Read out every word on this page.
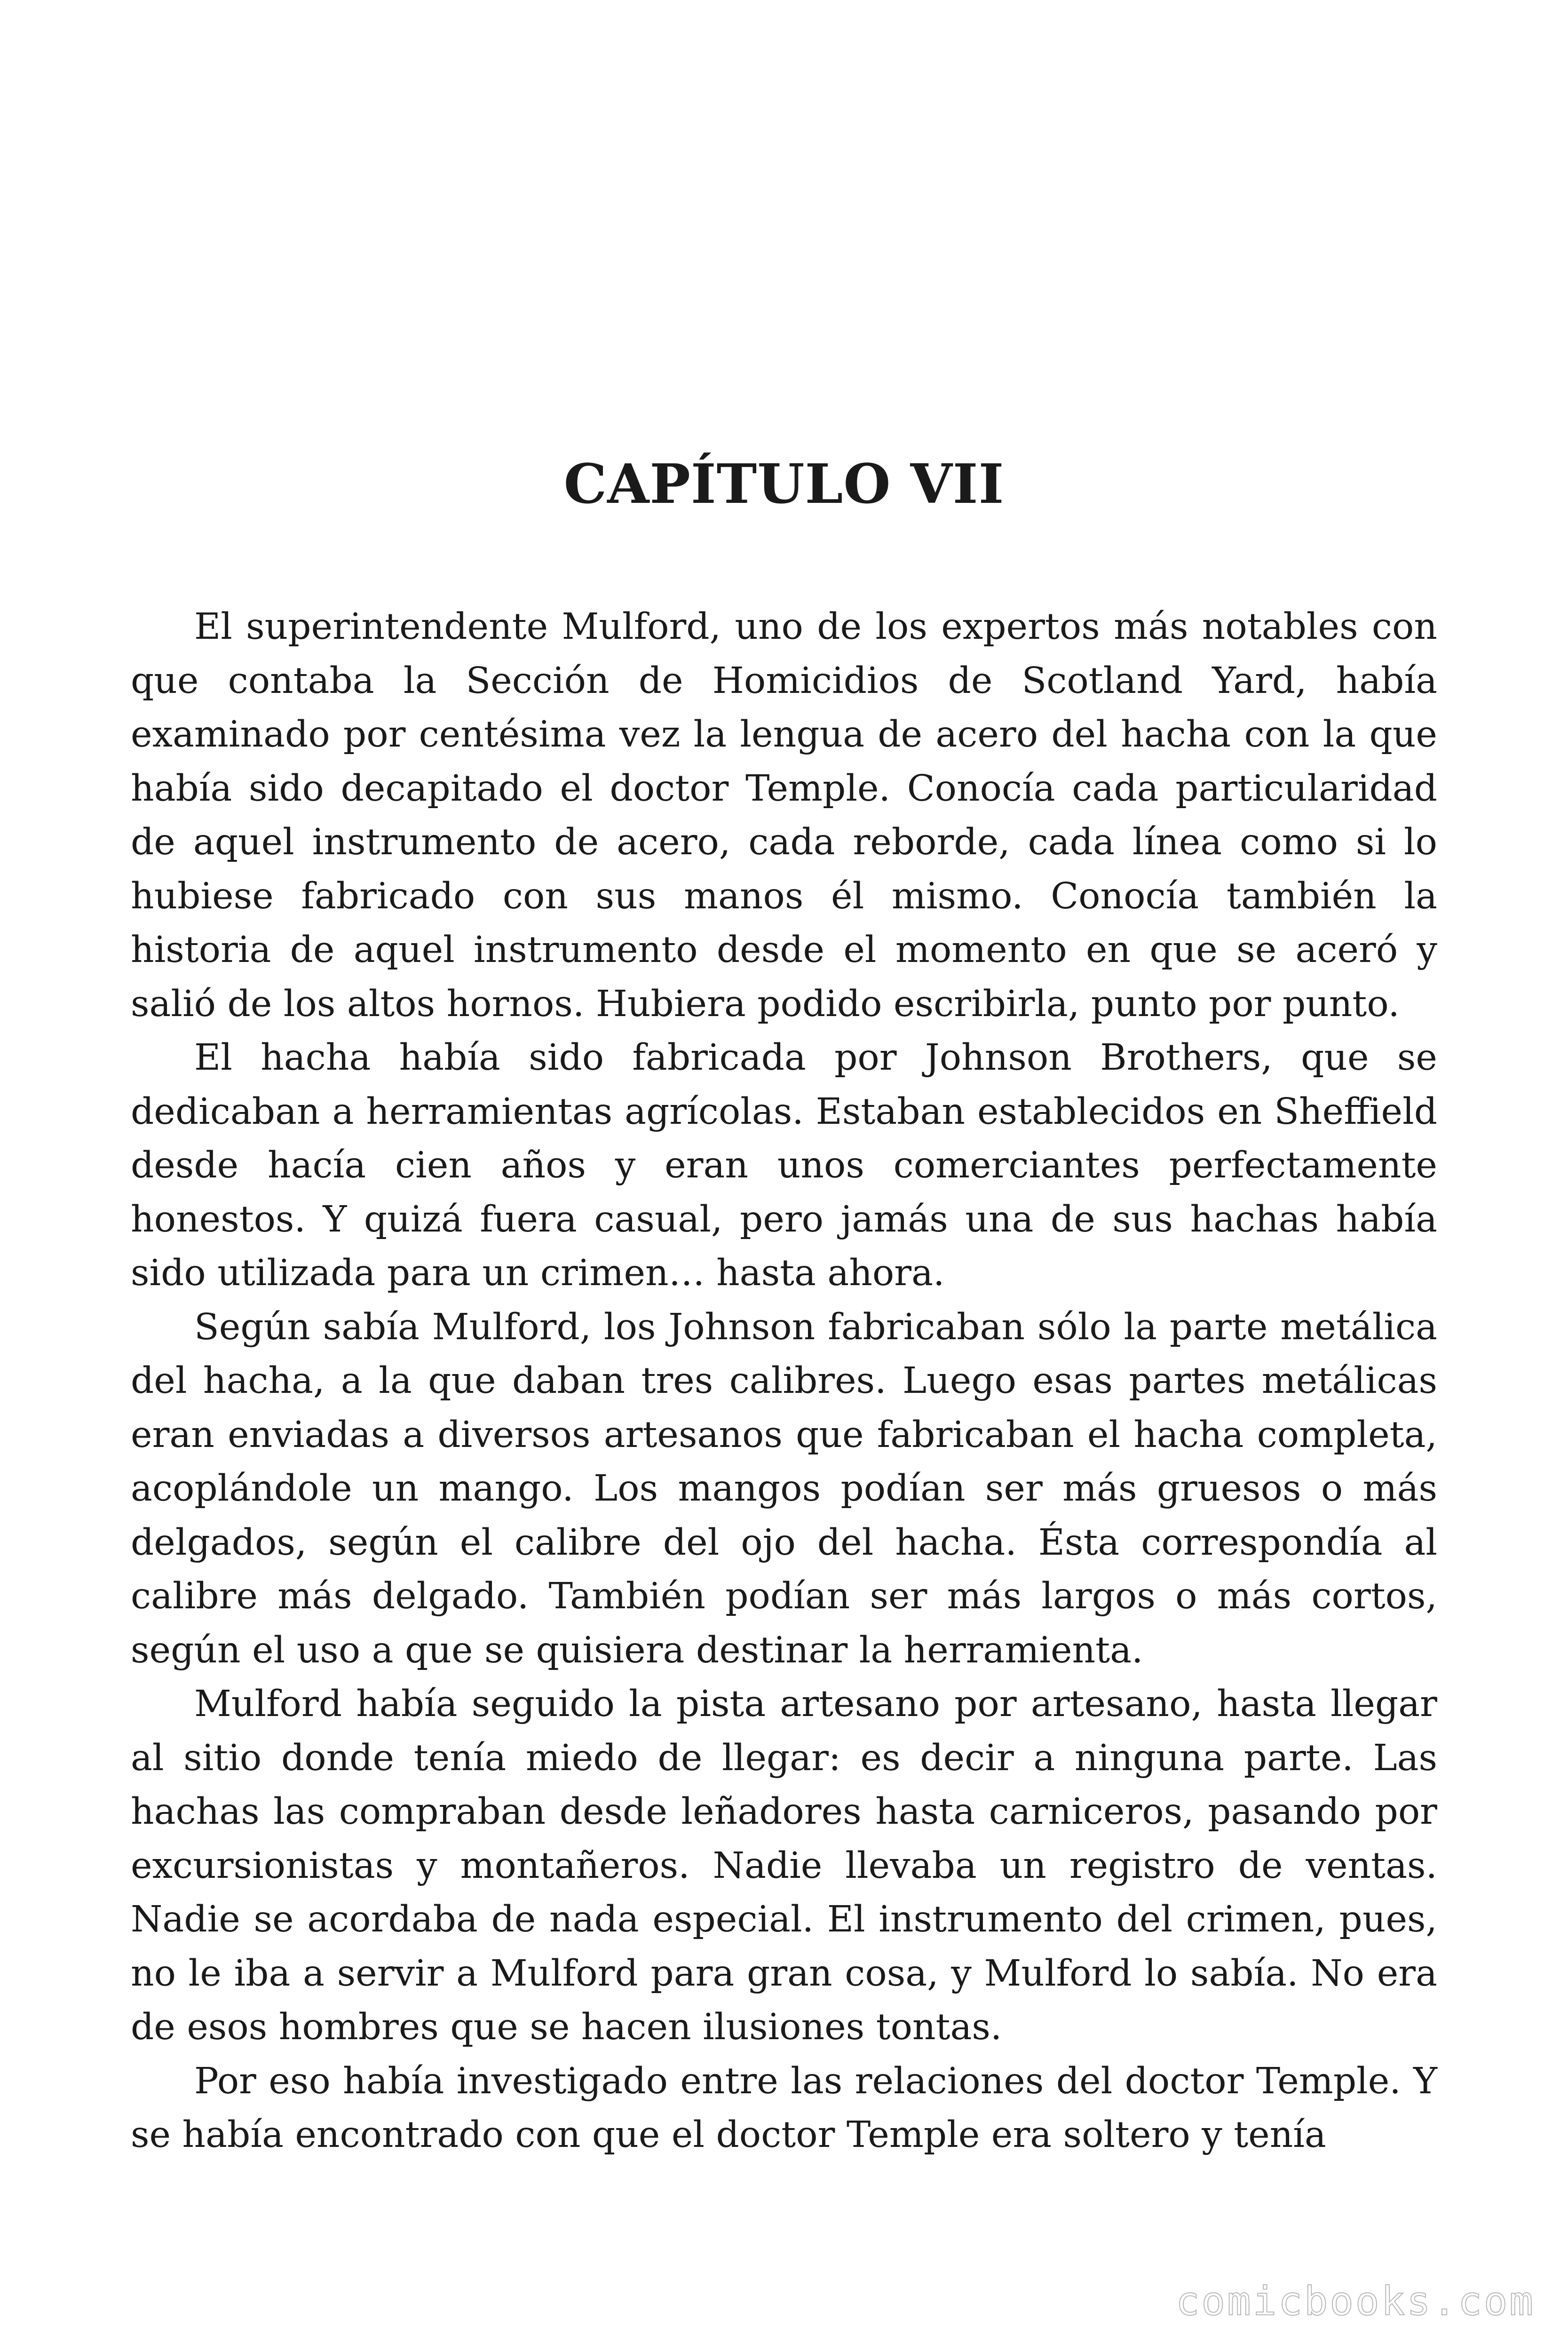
CAPÍTULO VII

El superintendente Mulford, uno de los expertos más notables con que contaba la Sección de Homicidios de Scotland Yard, había examinado por centésima vez la lengua de acero del hacha con la que había sido decapitado el doctor Temple. Conocía cada particularidad de aquel instrumento de acero, cada reborde, cada línea como si lo hubiese fabricado con sus manos él mismo. Conocía también la historia de aquel instrumento desde el momento en que se aceró y salió de los altos hornos. Hubiera podido escribirla, punto por punto.

El hacha había sido fabricada por Johnson Brothers, que se dedicaban a herramientas agrícolas. Estaban establecidos en Sheffield desde hacía cien años y eran unos comerciantes perfectamente honestos. Y quizá fuera casual, pero jamás una de sus hachas había sido utilizada para un crimen… hasta ahora.

Según sabía Mulford, los Johnson fabricaban sólo la parte metálica del hacha, a la que daban tres calibres. Luego esas partes metálicas eran enviadas a diversos artesanos que fabricaban el hacha completa, acoplándole un mango. Los mangos podían ser más gruesos o más delgados, según el calibre del ojo del hacha. Ésta correspondía al calibre más delgado. También podían ser más largos o más cortos, según el uso a que se quisiera destinar la herramienta.

Mulford había seguido la pista artesano por artesano, hasta llegar al sitio donde tenía miedo de llegar: es decir a ninguna parte. Las hachas las compraban desde leñadores hasta carniceros, pasando por excursionistas y montañeros. Nadie llevaba un registro de ventas. Nadie se acordaba de nada especial. El instrumento del crimen, pues, no le iba a servir a Mulford para gran cosa, y Mulford lo sabía. No era de esos hombres que se hacen ilusiones tontas.

Por eso había investigado entre las relaciones del doctor Temple. Y se había encontrado con que el doctor Temple era soltero y tenía

comicbooks.com
